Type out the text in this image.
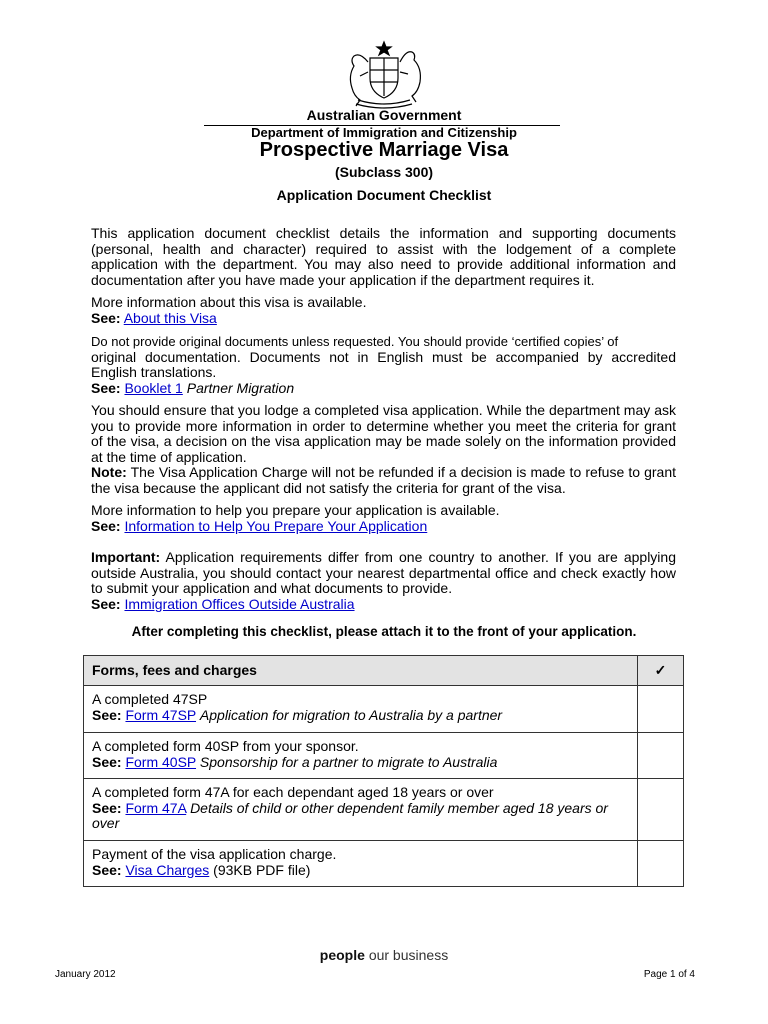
Australian Government
Department of Immigration and Citizenship
Prospective Marriage Visa
(Subclass 300)
Application Document Checklist

This application document checklist details the information and supporting documents (personal, health and character) required to assist with the lodgement of a complete application with the department. You may also need to provide additional information and documentation after you have made your application if the department requires it.

More information about this visa is available.

See: About this Visa

Do not provide original documents unless requested. You should provide ‘certified copies’ of

original documentation. Documents not in English must be accompanied by accredited English translations.

See: Booklet 1 Partner Migration

You should ensure that you lodge a completed visa application. While the department may ask you to provide more information in order to determine whether you meet the criteria for grant of the visa, a decision on the visa application may be made solely on the information provided at the time of application.

Note: The Visa Application Charge will not be refunded if a decision is made to refuse to grant the visa because the applicant did not satisfy the criteria for grant of the visa.

More information to help you prepare your application is available.

See: Information to Help You Prepare Your Application

Important: Application requirements differ from one country to another. If you are applying outside Australia, you should contact your nearest departmental office and check exactly how to submit your application and what documents to provide.

See: Immigration Offices Outside Australia

After completing this checklist, please attach it to the front of your application.
Forms, fees and charges	✓

A completed 47SP
See: Form 47SP Application for migration to Australia by a partner	

A completed form 40SP from your sponsor.
See: Form 40SP Sponsorship for a partner to migrate to Australia	

A completed form 47A for each dependant aged 18 years or over
See: Form 47A Details of child or other dependent family member aged 18 years or over	

Payment of the visa application charge.
See: Visa Charges (93KB PDF file)	

people our business
January 2012	Page 1 of 4
